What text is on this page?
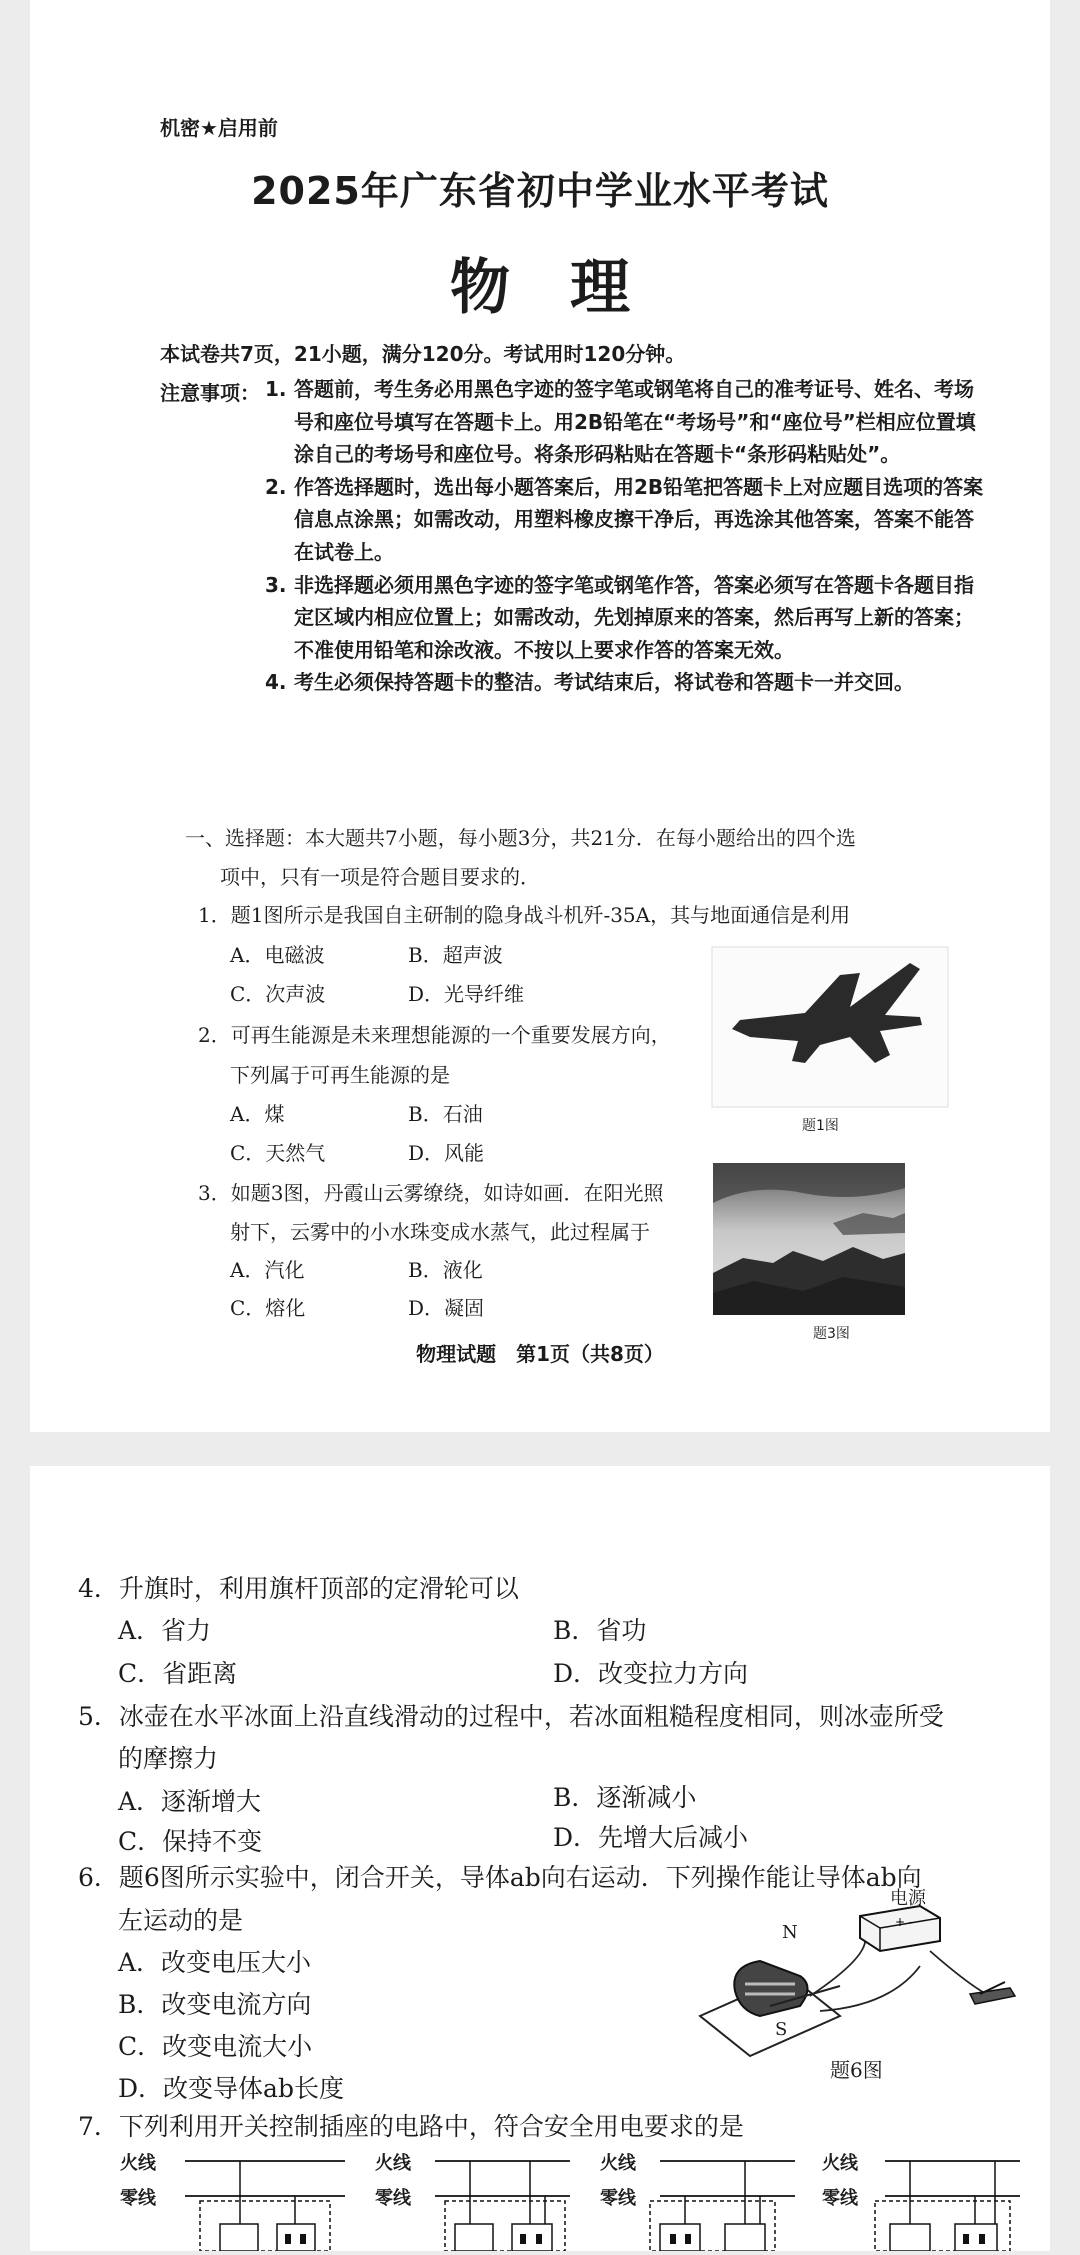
机密★启用前
2025年广东省初中学业水平考试
物理
本试卷共7页，21小题，满分120分。考试用时120分钟。
注意事项： 1. 答题前，考生务必用黑色字迹的签字笔或钢笔将自己的准考证号、姓名、考场号和座位号填写在答题卡上。用2B铅笔在“考场号”和“座位号”栏相应位置填涂自己的考场号和座位号。将条形码粘贴在答题卡“条形码粘贴处”。
2. 作答选择题时，选出每小题答案后，用2B铅笔把答题卡上对应题目选项的答案信息点涂黑；如需改动，用塑料橡皮擦干净后，再选涂其他答案，答案不能答在试卷上。
3. 非选择题必须用黑色字迹的签字笔或钢笔作答，答案必须写在答题卡各题目指定区域内相应位置上；如需改动，先划掉原来的答案，然后再写上新的答案；不准使用铅笔和涂改液。不按以上要求作答的答案无效。
4. 考生必须保持答题卡的整洁。考试结束后，将试卷和答题卡一并交回。
一、选择题：本大题共7小题，每小题3分，共21分．在每小题给出的四个选
项中，只有一项是符合题目要求的．
1．题1图所示是我国自主研制的隐身战斗机歼-35A，其与地面通信是利用
A．电磁波	B．超声波
C．次声波	D．光导纤维
2．可再生能源是未来理想能源的一个重要发展方向，
下列属于可再生能源的是
A．煤	B．石油
C．天然气	D．风能
3．如题3图，丹霞山云雾缭绕，如诗如画．在阳光照
射下，云雾中的小水珠变成水蒸气，此过程属于
A．汽化	B．液化
C．熔化	D．凝固
题1图
题3图
物理试题　第1页（共8页）
4．升旗时，利用旗杆顶部的定滑轮可以
A．省力	B．省功
C．省距离	D．改变拉力方向
5．冰壶在水平冰面上沿直线滑动的过程中，若冰面粗糙程度相同，则冰壶所受
的摩擦力
A．逐渐增大	B．逐渐减小
C．保持不变	D．先增大后减小
6．题6图所示实验中，闭合开关，导体ab向右运动．下列操作能让导体ab向
左运动的是
A．改变电压大小
B．改变电流方向
C．改变电流大小
D．改变导体ab长度
+ -
电源
N
S
题6图
7．下列利用开关控制插座的电路中，符合安全用电要求的是
火线
零线
火线
零线
火线
零线
火线
零线
